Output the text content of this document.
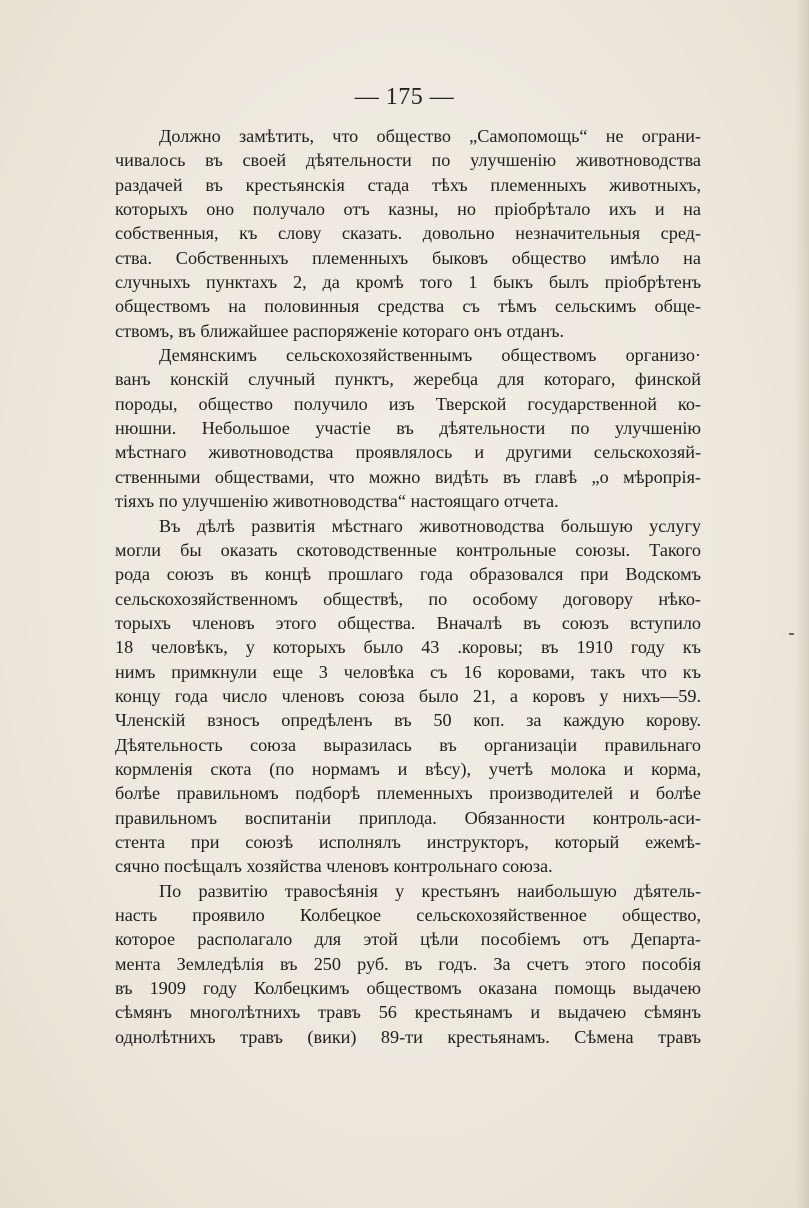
— 175 —
Должно замѣтить, что общество „Самопомощь“ не ограни-
чивалось въ своей дѣятельности по улучшенію животноводства
раздачей въ крестьянскія стада тѣхъ племенныхъ животныхъ,
которыхъ оно получало отъ казны, но пріобрѣтало ихъ и на
собственныя, къ слову сказать. довольно незначительныя сред-
ства. Собственныхъ племенныхъ быковъ общество имѣло на
случныхъ пунктахъ 2, да кромѣ того 1 быкъ былъ пріобрѣтенъ
обществомъ на половинныя средства съ тѣмъ сельскимъ обще-
ствомъ, въ ближайшее распоряженіе котораго онъ отданъ.
Демянскимъ сельскохозяйственнымъ обществомъ организо·
ванъ конскій случный пунктъ, жеребца для котораго, финской
породы, общество получило изъ Тверской государственной ко-
нюшни. Небольшое участіе въ дѣятельности по улучшенію
мѣстнаго животноводства проявлялось и другими сельскохозяй-
ственными обществами, что можно видѣть въ главѣ „о мѣропрія-
тіяхъ по улучшенію животноводства“ настоящаго отчета.
Въ дѣлѣ развитія мѣстнаго животноводства большую услугу
могли бы оказать скотоводственные контрольные союзы. Такого
рода союзъ въ концѣ прошлаго года образовался при Водскомъ
сельскохозяйственномъ обществѣ, по особому договору нѣко-
торыхъ членовъ этого общества. Вначалѣ въ союзъ вступило
18 человѣкъ, у которыхъ было 43 .коровы; въ 1910 году къ
нимъ примкнули еще 3 человѣка съ 16 коровами, такъ что къ
концу года число членовъ союза было 21, а коровъ у нихъ—59.
Членскій взносъ опредѣленъ въ 50 коп. за каждую корову.
Дѣятельность союза выразилась въ организаціи правильнаго
кормленія скота (по нормамъ и вѣсу), учетѣ молока и корма,
болѣе правильномъ подборѣ племенныхъ производителей и болѣе
правильномъ воспитаніи приплода. Обязанности контроль-аси-
стента при союзѣ исполнялъ инструкторъ, который ежемѣ-
сячно посѣщалъ хозяйства членовъ контрольнаго союза.
По развитію травосѣянія у крестьянъ наибольшую дѣятель-
насть проявило Колбецкое сельскохозяйственное общество,
которое располагало для этой цѣли пособіемъ отъ Департа-
мента Земледѣлія въ 250 руб. въ годъ. За счетъ этого пособія
въ 1909 году Колбецкимъ обществомъ оказана помощь выдачею
сѣмянъ многолѣтнихъ травъ 56 крестьянамъ и выдачею сѣмянъ
однолѣтнихъ травъ (вики) 89-ти крестьянамъ. Сѣмена травъ
